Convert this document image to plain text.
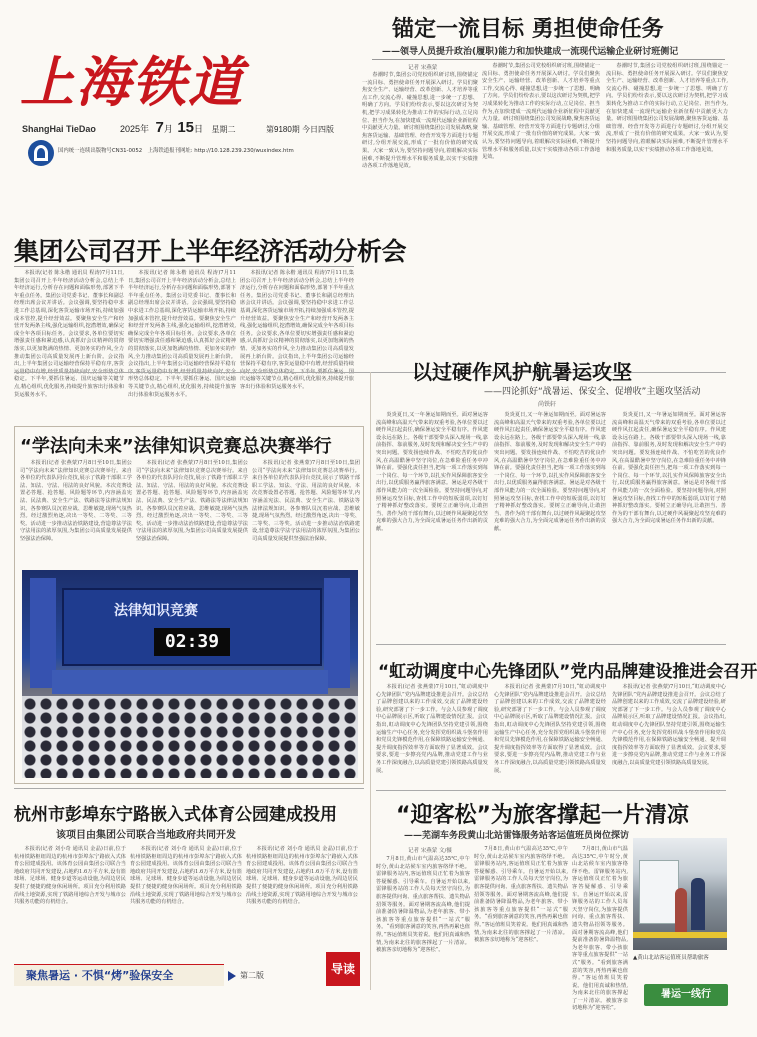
上海铁道
ShangHai TieDao	2025年 7月 15日 星期二	第9180期 今日四版
国内统一连续出版物号CN31-0052　上海铁道报刊网址: http://10.128.239.230/wuxindex.htm
锚定一流目标 勇担使命任务
——领导人员提升政治(履职)能力和加快建成一流现代运输企业研讨班侧记
记者 宋燕蒙

春潮时节,集团公司党校组织研讨班,围绕锚定一流目标、勇担使命任务开展深入研讨。学员们聚焦安全生产、运输经营、改革创新、人才培养等重点工作,交流心得、碰撞思想,进一步统一了思想、明确了方向。学员们纷纷表示,要以这次研讨为契机,把学习成果转化为推动工作的实际行动,立足岗位、担当作为,在加快建成一流现代运输企业新征程中贡献更大力量。研讨班围绕集团公司发展战略,聚焦客货运输、基础管理、经营开发等方面进行专题研讨,分组开展交流,形成了一批有价值的研究成果。大家一致认为,要坚持问题导向,着眼解决实际困难,不断提升管理水平和服务质量,以实干实绩推动各项工作落地见效。

春潮时节,集团公司党校组织研讨班,围绕锚定一流目标、勇担使命任务开展深入研讨。学员们聚焦安全生产、运输经营、改革创新、人才培养等重点工作,交流心得、碰撞思想,进一步统一了思想、明确了方向。学员们纷纷表示,要以这次研讨为契机,把学习成果转化为推动工作的实际行动,立足岗位、担当作为,在加快建成一流现代运输企业新征程中贡献更大力量。研讨班围绕集团公司发展战略,聚焦客货运输、基础管理、经营开发等方面进行专题研讨,分组开展交流,形成了一批有价值的研究成果。大家一致认为,要坚持问题导向,着眼解决实际困难,不断提升管理水平和服务质量,以实干实绩推动各项工作落地见效。

春潮时节,集团公司党校组织研讨班,围绕锚定一流目标、勇担使命任务开展深入研讨。学员们聚焦安全生产、运输经营、改革创新、人才培养等重点工作,交流心得、碰撞思想,进一步统一了思想、明确了方向。学员们纷纷表示,要以这次研讨为契机,把学习成果转化为推动工作的实际行动,立足岗位、担当作为,在加快建成一流现代运输企业新征程中贡献更大力量。研讨班围绕集团公司发展战略,聚焦客货运输、基础管理、经营开发等方面进行专题研讨,分组开展交流,形成了一批有价值的研究成果。大家一致认为,要坚持问题导向,着眼解决实际困难,不断提升管理水平和服务质量,以实干实绩推动各项工作落地见效。

集团公司召开上半年经济活动分析会

本报讯(记者 陈永楷 通讯员 程涛)7月11日,集团公司召开上半年经济活动分析会,总结上半年经济运行,分析存在问题和面临形势,部署下半年重点任务。集团公司党委书记、董事长和副总经理出席会议并讲话。会议强调,要坚持稳中求进工作总基调,深化客货运输市场开拓,持续加强成本管控,提升经营效益。要聚焦安全生产和经营开发两条主线,强化运输组织,挖潜增效,确保完成全年各项目标任务。会议要求,各单位要切实增强责任感和紧迫感,认真抓好会议精神的贯彻落实,以更加饱满的热情、更加务实的作风,全力推动集团公司高质量发展再上新台阶。会议指出,上半年集团公司运输经营保持平稳有序,客货 稳定。下半年,要抓住暑运、国庆运输等关键节点,精心组织,优化服务,持续提升旅客出行体验和货运服务水平。

本报讯(记者 陈永楷 通讯员 程涛)7月11日,集团公司召开上半年经济活动分析会,总结上半年经济运行,分析存在问题和面临形势,部署下半年重点任务。集团公司党委书记、董事长和副总经理出席会议并讲话。会议强调,要坚持稳中求进工作总基调,深化客货运输市场开拓,持续加强成本管控,提升经营效益。要聚焦安全生产和经营开发两条主线,强化运输组织,挖潜增效,确保完成全年各项目标任务。会议要求,各单位要切实增强责任感和紧迫感,认真抓好会议精神的贯彻落实,以更加饱满的热情、更加务实的作风,全力推动集团公司高质量发展再上新台阶。会议指出,上半年集团公司运输经营保持平稳有 形势总体稳定。下半年,要抓住暑运、国庆运输等关键节点,精心组织,优化服务,持续提升旅客出行体验和货运服务水平。

本报讯(记者 陈永楷 通讯员 程涛)7月11日,集团公司召开上半年经济活动分析会,总结上半年经济运行,分析存在问题和面临形势,部署下半年重点任务。集团公司党委书记、董事长和副总经理出席会议并讲话。会议强调,要坚持稳中求进工作总基调,深化客货运输市场开拓,持续加强成本管控,提升经营效益。要聚焦安全生产和经营开发两条主线,强化运输组织,挖潜增效,确保完成全年各项目标任务。会议要求,各单位要切实增强责任感和紧迫感,认真抓好会议精神的贯彻落实,以更加饱满的热情、更加务实的作风,全力推动集团公司高质量发展再上新台阶。会议指出,上半年集团公司运输经营保持平稳有序,客货运量稳中有增,经营质量持续 庆运输等关键节点,精心组织,优化服务,持续提升旅客出行体验和货运服务水平。

“学法向未来”法律知识竞赛总决赛举行

本报讯(记者 张燕蒙)7月8日至10日,集团公司“学法向未来”法律知识竞赛总决赛举行。来自各单位的代表队同台竞技,展示了铁路干部职工学法、知法、守法、用法的良好风貌。本次竞赛设置必答题、抢答题、风险题等环节,内容涵盖宪法、民法典、安全生产法、铁路法等法律法规知识。各参赛队员沉着应战、思维敏捷,现场气氛热烈。经过激烈角逐,决出一等奖、二等奖、三等奖。活动进一步推动法治铁路建设,营造尊法学法守法用法的浓厚氛围,为集团公司高质量发展提供坚强法治保障。

本报讯(记者 张燕蒙)7月8日至10日,集团公司“学法向未来”法律知识竞赛总决赛举行。来自各单位的代表队同台竞技,展示了铁路干部职工学法、知法、守法、用法的良好风貌。本次竞赛设置必答题、抢答题、风险题等环节,内容涵盖宪法、民法典、安全生产法、铁路法等法律法规知识。各参赛队员沉着应战、思维敏捷,现场气氛热烈。经过激烈角逐,决出一等奖、二等奖、三等奖。活动进一步推动法治铁路建设,营造尊法学法守法用法的浓厚氛围,为集团公司高质量发展提供坚强法治保障。

本报讯(记者 张燕蒙)7月8日至10日,集团公司“学法向未来”法律知识竞赛总决赛举行。来自各单位的代表队同台竞技,展示了铁路干部职工学法、知法、守法、用法的良好风貌。本次竞赛设置必答题、抢答题、风险题等环节,内容涵盖宪法、民法典、安全生产法、铁路法等法律法规知识。各参赛队员沉着应战、思维敏捷,现场气氛热烈。经过激烈角逐,决出一等奖、二等奖、三等奖。活动进一步推动法治铁路建设,营造尊法学法守法用法的浓厚氛围,为集团公司高质量发展提供坚强法治保障。

法律知识竞赛
02:39
杭州市彭埠东宁路嵌入式体育公园建成投用
该项目由集团公司联合当地政府共同开发

本报讯(记者 刘小奇 通讯员 金晶)日前,位于杭州铁路枢纽周边的杭州市彭埠东宁路嵌入式体育公园建成投用。该体育公园由集团公司联合当地政府共同开发建设,占地约1.6万平方米,设有篮球场、足球场、健身步道等运动设施,为周边居民提供了便捷的健身休闲场所。项目充分利用铁路沿线土地资源,实现了铁路用地综合开发与城市公共服务功能的有机结合。

本报讯(记者 刘小奇 通讯员 金晶)日前,位于杭州铁路枢纽周边的杭州市彭埠东宁路嵌入式体育公园建成投用。该体育公园由集团公司联合当地政府共同开发建设,占地约1.6万平方米,设有篮球场、足球场、健身步道等运动设施,为周边居民提供了便捷的健身休闲场所。项目充分利用铁路沿线土地资源,实现了铁路用地综合开发与城市公共服务功能的有机结合。

本报讯(记者 刘小奇 通讯员 金晶)日前,位于杭州铁路枢纽周边的杭州市彭埠东宁路嵌入式体育公园建成投用。该体育公园由集团公司联合当地政府共同开发建设,占地约1.6万平方米,设有篮球场、足球场、健身步道等运动设施,为周边居民提供了便捷的健身休闲场所。项目充分利用铁路沿线土地资源,实现了铁路用地综合开发与城市公共服务功能的有机结合。

聚焦暑运 · 不惧“烤”验保安全	第二版	导读
以过硬作风护航暑运攻坚
——四论抓好“战暑运、保安全、促增收”主题攻坚活动
尚铁轩

炎炎夏日,又一年暑运如期而至。面对暑运客流高峰和高温天气带来的双重考验,各单位要以过硬作风扛起责任,确保暑运安全平稳有序。作风建设永远在路上。各级干部要带头深入现场一线,靠前指挥、靠前服务,及时发现和解决安全生产中的突出问题。要发扬连续作战、不怕吃苦的优良作风,在高温酷暑中坚守岗位,在急难险重任务中冲锋在前。要强化责任担当,把每一项工作落实到每一个岗位、每一个环节,以扎实作风保障旅客安全出行,以优质服务赢得旅客满意。暑运是对各级干部作风能力的一次全面检验。要坚持问题导向,对照暑运攻坚目标,查找工作中的短板弱项,以钉钉子精神抓好整改落实。要树立正确导向,让敢担当、善作为的干部有舞台,以过硬作风凝聚起攻坚克难的强大合力,为全面完成暑运任务作出新的贡献。

炎炎夏日,又一年暑运如期而至。面对暑运客流高峰和高温天气带来的双重考验,各单位要以过硬作风扛起责任,确保暑运安全平稳有序。作风建设永远在路上。各级干部要带头深入现场一线,靠前指挥、靠前服务,及时发现和解决安全生产中的突出问题。要发扬连续作战、不怕吃苦的优良作风,在高温酷暑中坚守岗位,在急难险重任务中冲锋在前。要强化责任担当,把每一项工作落实到每一个岗位、每一个环节,以扎实作风保障旅客安全出行,以优质服务赢得旅客满意。暑运是对各级干部作风能力的一次全面检验。要坚持问题导向,对照暑运攻坚目标,查找工作中的短板弱项,以钉钉子精神抓好整改落实。要树立正确导向,让敢担当、善作为的干部有舞台,以过硬作风凝聚起攻坚克难的强大合力,为全面完成暑运任务作出新的贡献。

炎炎夏日,又一年暑运如期而至。面对暑运客流高峰和高温天气带来的双重考验,各单位要以过硬作风扛起责任,确保暑运安全平稳有序。作风建设永远在路上。各级干部要带头深入现场一线,靠前指挥、靠前服务,及时发现和解决安全生产中的突出问题。要发扬连续作战、不怕吃苦的优良作风,在高温酷暑中坚守岗位,在急难险重任务中冲锋在前。要强化责任担当,把每一项工作落实到每一个岗位、每一个环节,以扎实作风保障旅客安全出行,以优质服务赢得旅客满意。暑运是对各级干部作风能力的一次全面检验。要坚持问题导向,对照暑运攻坚目标,查找工作中的短板弱项,以钉钉子精神抓好整改落实。要树立正确导向,让敢担当、善作为的干部有舞台,以过硬作风凝聚起攻坚克难的强大合力,为全面完成暑运任务作出新的贡献。

“虹动调度中心先锋团队”党内品牌建设推进会召开

本报讯(记者 张燕蒙)7月10日,“虹动调度中心先锋团队”党内品牌建设推进会召开。会议总结了品牌创建以来的工作成效,交流了品牌建设经验,研究部署了下一步工作。与会人员参观了调度中心品牌展示区,听取了品牌建设情况汇报。会议指出,虹动调度中心先锋团队坚持党建引领,围绕运输生产中心任务,充分发挥党组织战斗堡垒作用和党员先锋模范作用,在保障铁路运输安全畅通、提升调度指挥效率等方面取得了显著成效。会议要求,要进一步擦亮党内品牌,推动党建工作与业务工作深度融合,以高质量党建引领铁路高质量发展。

本报讯(记者 张燕蒙)7月10日,“虹动调度中心先锋团队”党内品牌建设推进会召开。会议总结了品牌创建以来的工作成效,交流了品牌建设经验,研究部署了下一步工作。与会人员参观了调度中心品牌展示区,听取了品牌建设情况汇报。会议指出,虹动调度中心先锋团队坚持党建引领,围绕运输生产中心任务,充分发挥党组织战斗堡垒作用和党员先锋模范作用,在保障铁路运输安全畅通、提升调度指挥效率等方面取得了显著成效。会议要求,要进一步擦亮党内品牌,推动党建工作与业务工作深度融合,以高质量党建引领铁路高质量发展。

本报讯(记者 张燕蒙)7月10日,“虹动调度中心先锋团队”党内品牌建设推进会召开。会议总结了品牌创建以来的工作成效,交流了品牌建设经验,研究部署了下一步工作。与会人员参观了调度中心品牌展示区,听取了品牌建设情况汇报。会议指出,虹动调度中心先锋团队坚持党建引领,围绕运输生产中心任务,充分发挥党组织战斗堡垒作用和党员先锋模范作用,在保障铁路运输安全畅通、提升调度指挥效率等方面取得了显著成效。会议要求,要进一步擦亮党内品牌,推动党建工作与业务工作深度融合,以高质量党建引领铁路高质量发展。

“迎客松”为旅客撑起一片清凉
——芜湖车务段黄山北站雷锋服务站客运值班员岗位探访
记者 宋燕蒙 文/摄

7月8日,黄山市气温高达35℃,中午时分,黄山北站候车室内旅客络绎不绝。雷锋服务站内,客运值班员正忙着为旅客答疑解惑、引导乘车。自暑运开始以来,雷锋服务站的工作人员每天坚守岗位,为旅客提供问询、重点旅客帮扶、遗失物品招领等服务。面对暑期客流高峰,他们提前准备防暑降温物品,为老年旅客、带小孩旅客等重点旅客提供“一站式”服务。“看到旅客满意的笑容,再热再累也值得。”客运值班员笑着说。他们用真诚和热情,为南来北往的旅客撑起了一片清凉。被旅客亲切地称为“迎客松”。

7月8日,黄山市气温高达35℃,中午时分,黄山北站候车室内旅客络绎不绝。雷锋服务站内,客运值班员正忙着为旅客答疑解惑、引导乘车。自暑运开始以来,雷锋服务站的工作人员每天坚守岗位,为旅客提供问询、重点旅客帮扶、遗失物品招领等服务。面对暑期客流高峰,他们提前准备防暑降温物品,为老年旅客、带小孩旅客等重点旅客提供“一站式”服务。“看到旅客满意的笑容,再热再累也值得。”客运值班员笑着说。他们用真诚和热情,为南来北往的旅客撑起了一片清凉。被旅客亲切地称为“迎客松”。

7月8日,黄山市气温高达35℃,中午时分,黄山北站候车室内旅客络绎不绝。雷锋服务站内,客运值班员正忙着为旅客答疑解惑、引导乘车。自暑运开始以来,雷锋服务站的工作人员每天坚守岗位,为旅客提供问询、重点旅客帮扶、遗失物品招领等服务。面对暑期客流高峰,他们提前准备防暑降温物品,为老年旅客、带小孩旅客等重点旅客提供“一站式”服务。“看到旅客满意的笑容,再热再累也值得。”客运值班员笑着说。他们用真诚和热情,为南来北往的旅客撑起了一片清凉。被旅客亲切地称为“迎客松”。

▲黄山北站客运值班员帮助旅客
暑运一线行
